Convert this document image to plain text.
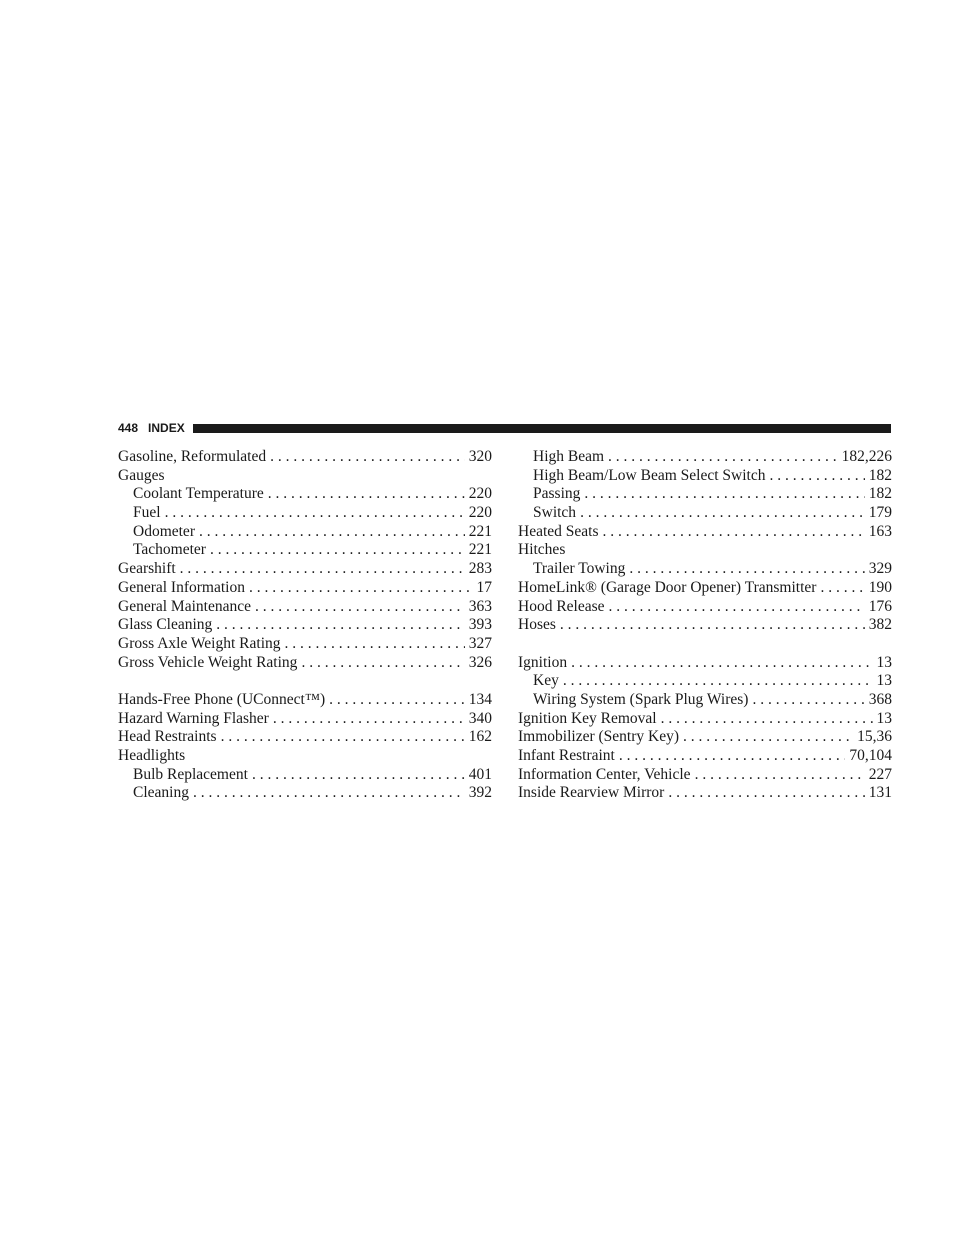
448 INDEX
Gasoline, Reformulated . . .	320
Gauges
Coolant Temperature . . .	220
Fuel . . .	220
Odometer . . .	221
Tachometer . . .	221
Gearshift . . .	283
General Information . . .	17
General Maintenance . . .	363
Glass Cleaning . . .	393
Gross Axle Weight Rating . . .	327
Gross Vehicle Weight Rating . . .	326
Hands-Free Phone (UConnect™) . . .	134
Hazard Warning Flasher . . .	340
Head Restraints . . .	162
Headlights
Bulb Replacement . . .	401
Cleaning . . .	392
High Beam . . .	182,226
High Beam/Low Beam Select Switch . . .	182
Passing . . .	182
Switch . . .	179
Heated Seats . . .	163
Hitches
Trailer Towing . . .	329
HomeLink® (Garage Door Opener) Transmitter . . .	190
Hood Release . . .	176
Hoses . . .	382
Ignition . . .	13
Key . . .	13
Wiring System (Spark Plug Wires) . . .	368
Ignition Key Removal . . .	13
Immobilizer (Sentry Key) . . .	15,36
Infant Restraint . . .	70,104
Information Center, Vehicle . . .	227
Inside Rearview Mirror . . .	131
